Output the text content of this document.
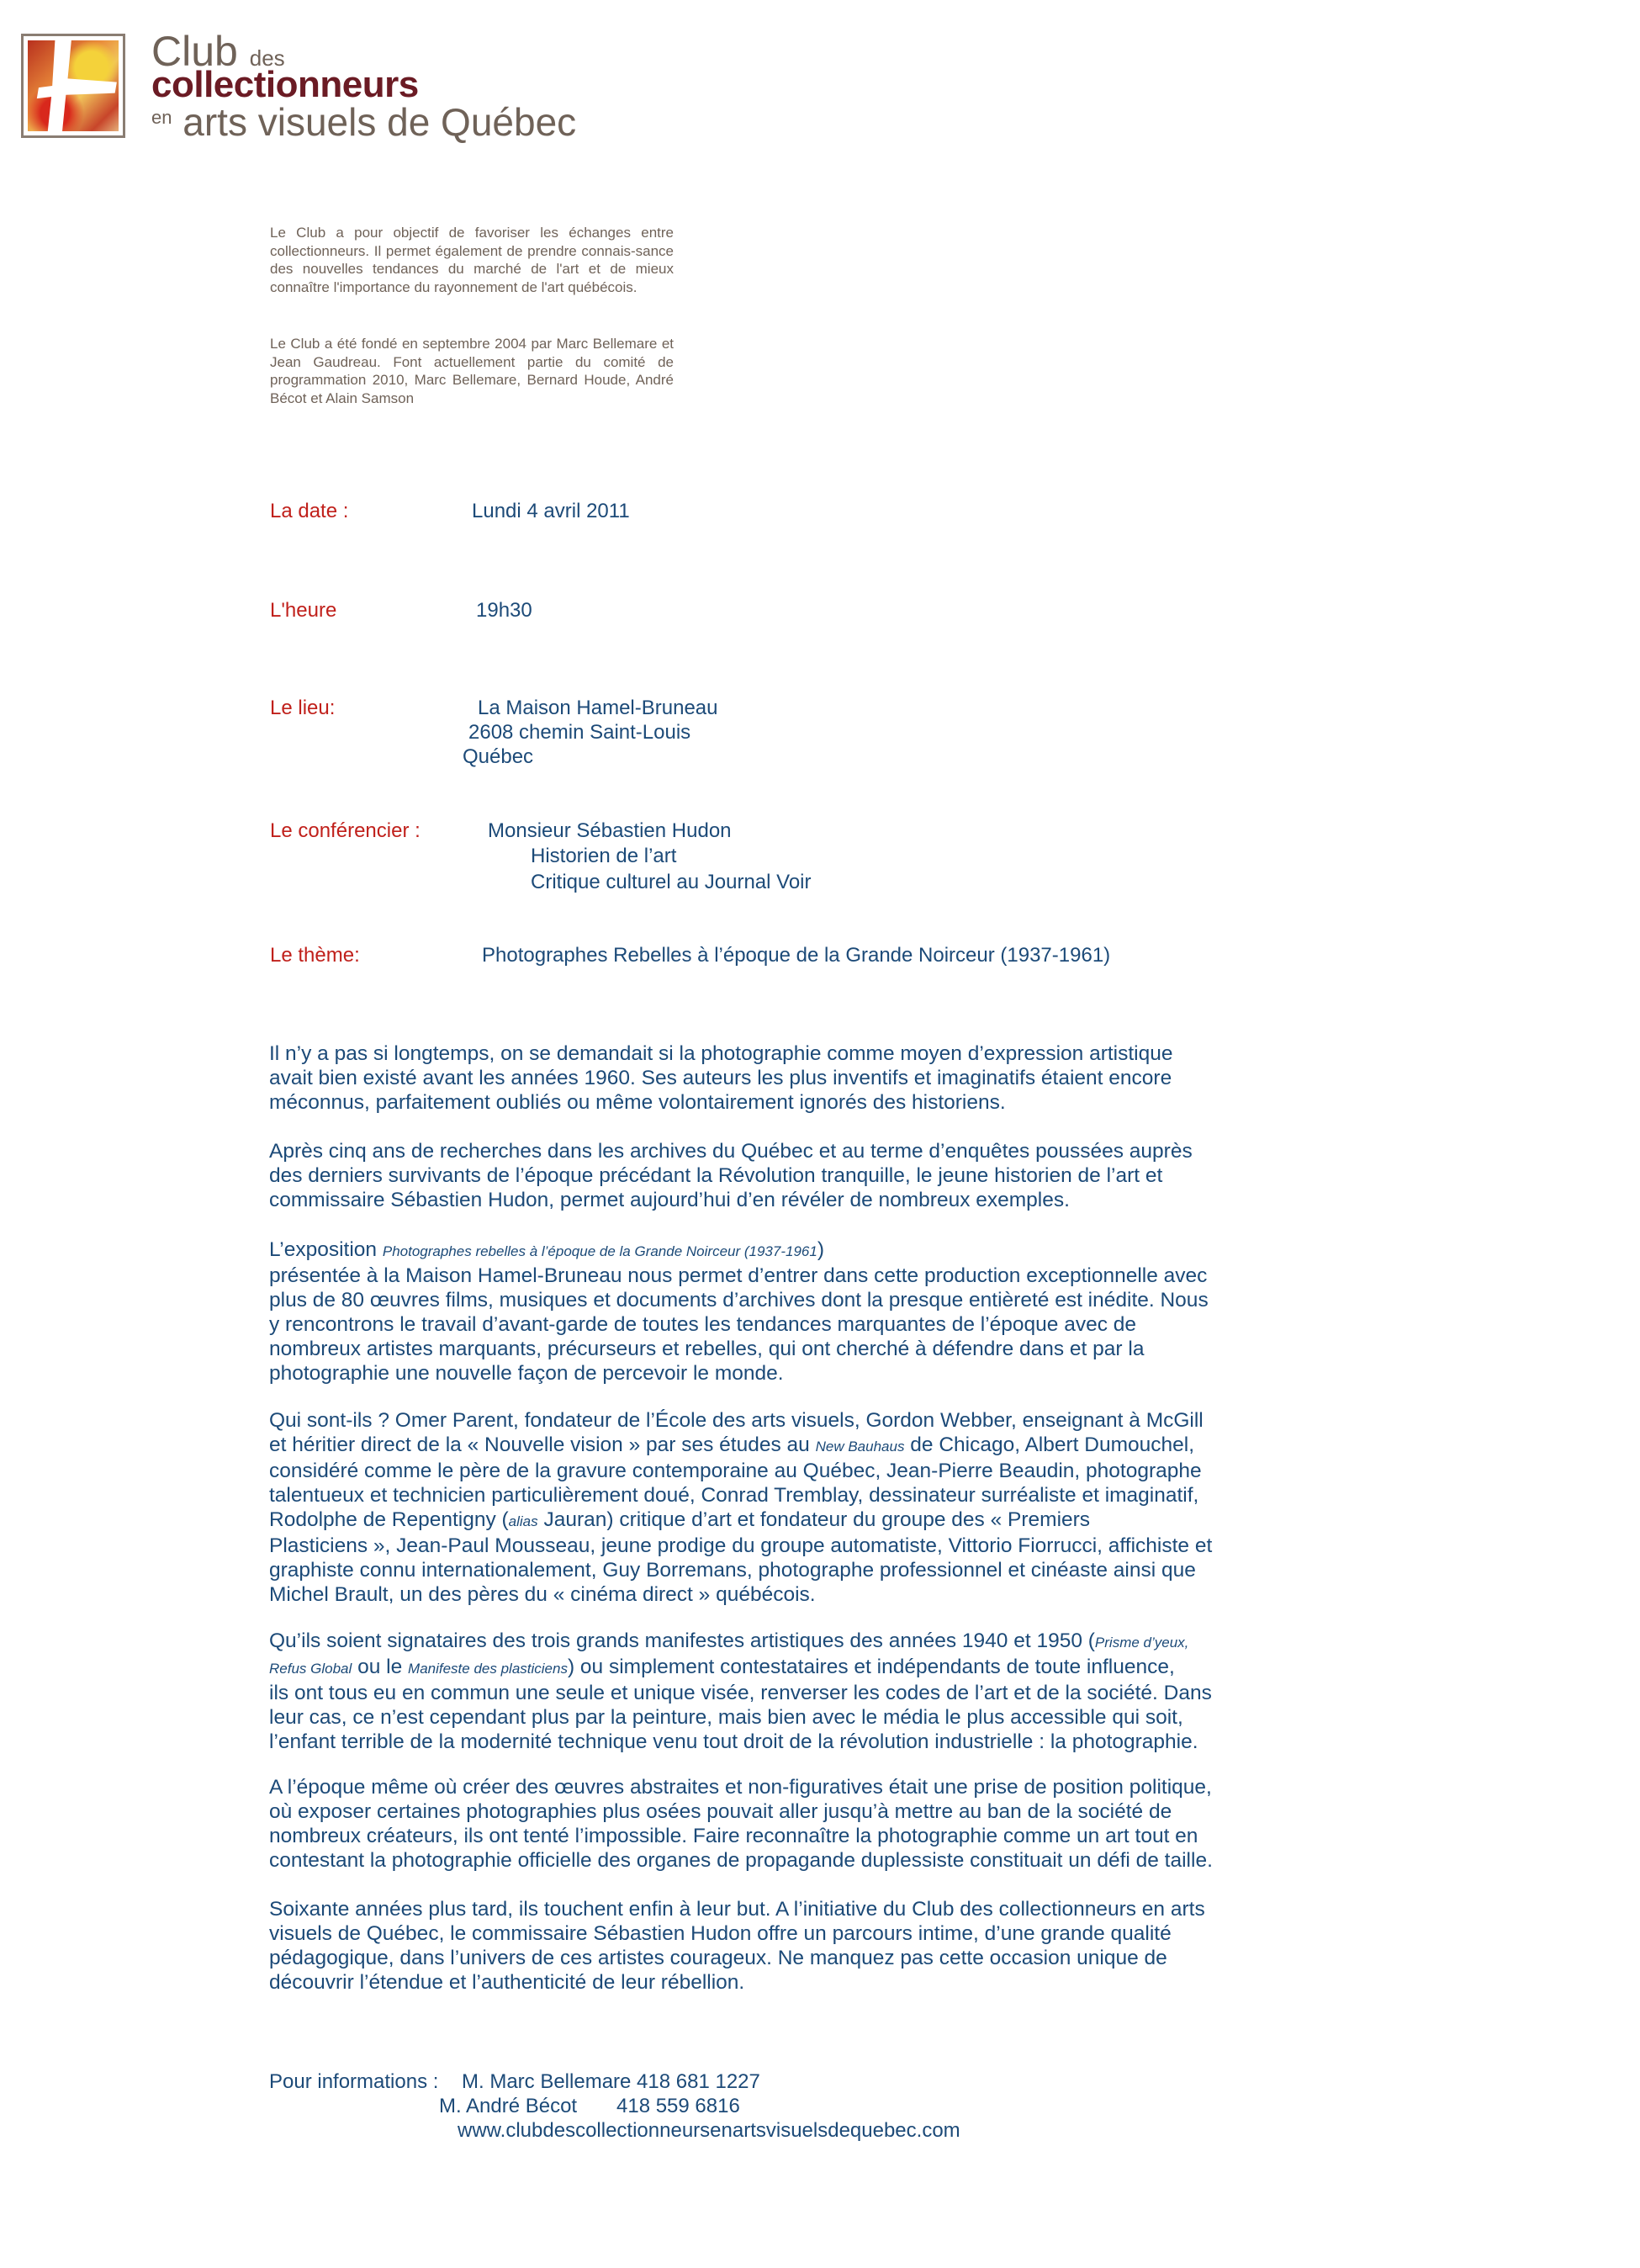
Club des
collectionneurs
$^{en}$ arts visuels de Québec
Le Club a pour objectif de favoriser les échanges entre collectionneurs. Il permet également de prendre connais-sance des nouvelles tendances du marché de l'art et de mieux connaître l'importance du rayonnement de l'art québécois.
Le Club a été fondé en septembre 2004 par Marc Bellemare et Jean Gaudreau. Font actuellement partie du comité de programmation 2010, Marc Bellemare, Bernard Houde, André Bécot et Alain Samson
La date :	Lundi 4 avril 2011
L'heure	19h30
Le lieu:	La Maison Hamel-Bruneau
2608 chemin Saint-Louis
Québec
Le conférencier :	Monsieur Sébastien Hudon
Historien de l’art
Critique culturel au Journal Voir
Le thème:	Photographes Rebelles à l’époque de la Grande Noirceur (1937-1961)
Il n’y a pas si longtemps, on se demandait si la photographie comme moyen d’expression artistique
avait bien existé avant les années 1960. Ses auteurs les plus inventifs et imaginatifs étaient encore
méconnus, parfaitement oubliés ou même volontairement ignorés des historiens.
Après cinq ans de recherches dans les archives du Québec et au terme d’enquêtes poussées auprès
des derniers survivants de l’époque précédant la Révolution tranquille, le jeune historien de l’art et
commissaire Sébastien Hudon, permet aujourd’hui d’en révéler de nombreux exemples.
L’exposition Photographes rebelles à l’époque de la Grande Noirceur (1937-1961)
présentée à la Maison Hamel-Bruneau nous permet d’entrer dans cette production exceptionnelle avec
plus de 80 œuvres films, musiques et documents d’archives dont la presque entièreté est inédite. Nous
y rencontrons le travail d’avant-garde de toutes les tendances marquantes de l’époque avec de
nombreux artistes marquants, précurseurs et rebelles, qui ont cherché à défendre dans et par la
photographie une nouvelle façon de percevoir le monde.
Qui sont-ils ? Omer Parent, fondateur de l’École des arts visuels, Gordon Webber, enseignant à McGill
et héritier direct de la « Nouvelle vision » par ses études au New Bauhaus de Chicago, Albert Dumouchel,
considéré comme le père de la gravure contemporaine au Québec, Jean-Pierre Beaudin, photographe
talentueux et technicien particulièrement doué, Conrad Tremblay, dessinateur surréaliste et imaginatif,
Rodolphe de Repentigny (alias Jauran) critique d’art et fondateur du groupe des « Premiers
Plasticiens », Jean-Paul Mousseau, jeune prodige du groupe automatiste, Vittorio Fiorrucci, affichiste et
graphiste connu internationalement, Guy Borremans, photographe professionnel et cinéaste ainsi que
Michel Brault, un des pères du « cinéma direct » québécois.
Qu’ils soient signataires des trois grands manifestes artistiques des années 1940 et 1950 (Prisme d’yeux,
Refus Global ou le Manifeste des plasticiens) ou simplement contestataires et indépendants de toute influence,
ils ont tous eu en commun une seule et unique visée, renverser les codes de l’art et de la société. Dans
leur cas, ce n’est cependant plus par la peinture, mais bien avec le média le plus accessible qui soit,
l’enfant terrible de la modernité technique venu tout droit de la révolution industrielle : la photographie.
A l’époque même où créer des œuvres abstraites et non-figuratives était une prise de position politique,
où exposer certaines photographies plus osées pouvait aller jusqu’à mettre au ban de la société de
nombreux créateurs, ils ont tenté l’impossible. Faire reconnaître la photographie comme un art tout en
contestant la photographie officielle des organes de propagande duplessiste constituait un défi de taille.
Soixante années plus tard, ils touchent enfin à leur but. A l’initiative du Club des collectionneurs en arts
visuels de Québec, le commissaire Sébastien Hudon offre un parcours intime, d’une grande qualité
pédagogique, dans l’univers de ces artistes courageux. Ne manquez pas cette occasion unique de
découvrir l’étendue et l’authenticité de leur rébellion.
Pour informations : M. Marc Bellemare 418 681 1227
M. André Bécot 418 559 6816
www.clubdescollectionneursenartsvisuelsdequebec.com
